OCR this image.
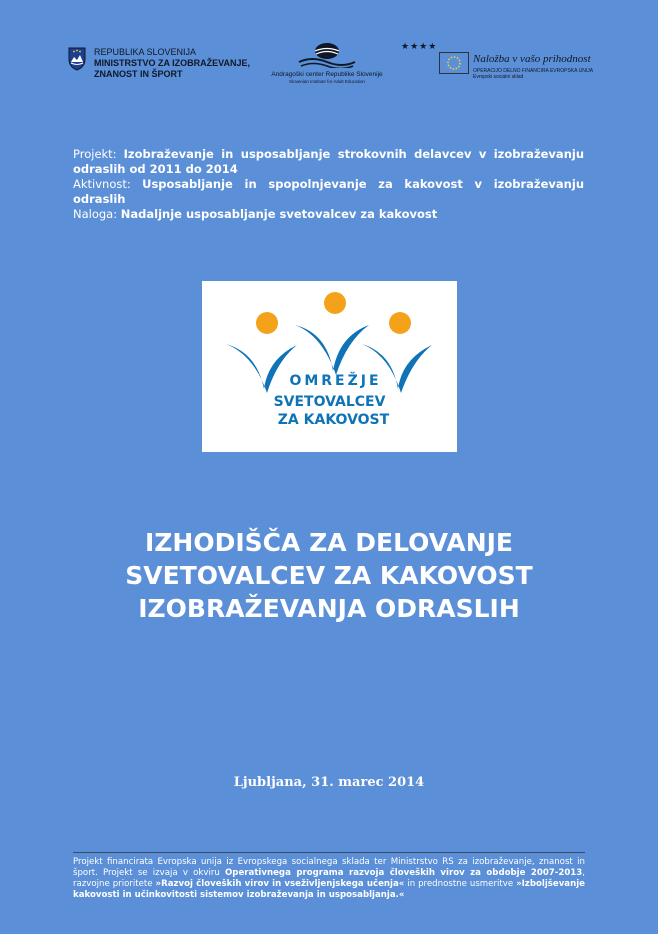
REPUBLIKA SLOVENIJA
MINISTRSTVO ZA IZOBRAŽEVANJE,
ZNANOST IN ŠPORT	Andragoški center Republike Slovenije
Slovenian Institute for Adult Education
★★★★
Naložba v vašo prihodnost
OPERACIJO DELNO FINANCIRA EVROPSKA UNIJA
Evropski socialni sklad

Projekt: Izobraževanje in usposabljanje strokovnih delavcev v izobraževanju odraslih od 2011 do 2014

Aktivnost: Usposabljanje in spopolnjevanje za kakovost v izobraževanju odraslih

Naloga: Nadaljnje usposabljanje svetovalcev za kakovost

OMREŽJE
SVETOVALCEV
ZA KAKOVOST
IZHODIŠČA ZA DELOVANJE
SVETOVALCEV ZA KAKOVOST
IZOBRAŽEVANJA ODRASLIH
Ljubljana, 31. marec 2014
Projekt financirata Evropska unija iz Evropskega socialnega sklada ter Ministrstvo RS za izobraževanje, znanost in šport. Projekt se izvaja v okviru Operativnega programa razvoja človeških virov za obdobje 2007-2013, razvojne prioritete »Razvoj človeških virov in vseživljenjskega učenja« in prednostne usmeritve »Izboljševanje kakovosti in učinkovitosti sistemov izobraževanja in usposabljanja.«
